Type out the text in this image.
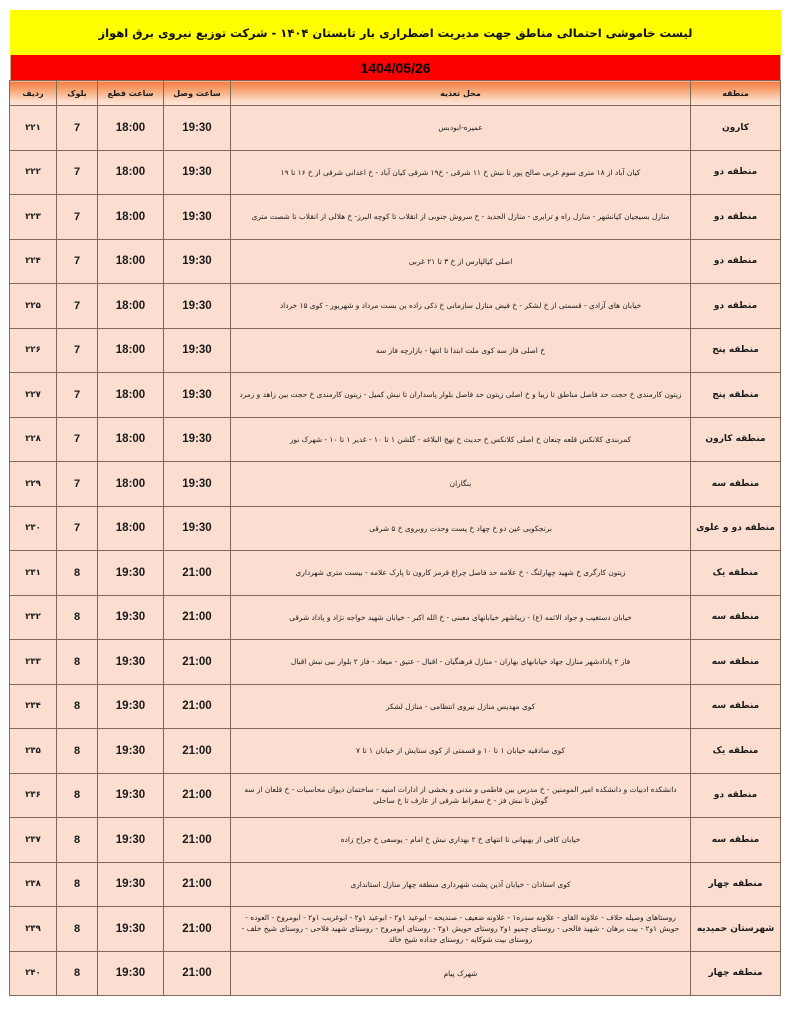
لیست خاموشی احتمالی مناطق جهت مدیریت اضطراری بار تابستان ۱۴۰۴ - شرکت توزیع نیروی برق اهواز
1404/05/26
منطقه	محل تغذیه	ساعت وصل	ساعت قطع	بلوک	ردیف
کارون	عمیره-ابودبس	19:30	18:00	7	۲۲۱
منطقه دو	کیان آباد از ۱۸ متری سوم غربی صالح پور تا نبش خ ۱۱ شرقی - خ۱۹ شرقی کیان آباد - خ اعدانی شرقی از خ ۱۶ تا ۱۹	19:30	18:00	7	۲۲۲
منطقه دو	منازل بسیجیان کیانشهر - منازل راه و ترابری - منازل الحدید - خ سروش جنوبی از انقلاب تا کوچه البرز- خ هلالی از انقلاب تا شصت متری	19:30	18:00	7	۲۲۳
منطقه دو	اصلی کیالپارس از خ ۳ تا ۲۱ غربی	19:30	18:00	7	۲۲۴
منطقه دو	خیابان های آزادی - قسمتی از خ لشکر - خ فیض منازل سازمانی خ ذکی زاده بن بست مرداد و شهریور - کوی ۱۵ خرداد	19:30	18:00	7	۲۲۵
منطقه پنج	خ اصلی فاز سه کوی ملت ابتدا تا انتها - بازارچه فاز سه	19:30	18:00	7	۲۲۶
منطقه پنج	زیتون کارمندی خ حجت حد فاصل مناطق تا زیبا و خ اصلی زیتون حد فاصل بلوار پاسداران تا نبش کمیل - زیتون کارمندی خ حجت بین زاهد و زمرد	19:30	18:00	7	۲۲۷
منطقه کارون	کمربندی کلانکس قلعه چنعان خ اصلی کلانکس خ حدیث خ نهج البلاغه - گلشن ۱ تا ۱۰ - غدیر ۱ تا ۱۰ - شهرک نور	19:30	18:00	7	۲۲۸
منطقه سه	بنگاران	19:30	18:00	7	۲۲۹
منطقه دو و علوی	برنجکوبی غین دو خ چهاد خ پست وحدت روبروی خ ۵ شرقی	19:30	18:00	7	۲۳۰
منطقه یک	زیتون کارگری خ شهید چهارلنگ - خ علامه حد فاصل چراغ قرمز کارون تا پارک علامه - بیست متری شهرداری	21:00	19:30	8	۲۳۱
منطقه سه	خیابان دستغیب و جواد الائمه (ع) - زیباشهر خیابانهای معبنی - خ الله اکبر - خیابان شهید خواجه نژاد و پاداد شرقی	21:00	19:30	8	۲۳۲
منطقه سه	فاز ۲ پادادشهر منازل جهاد خیابانهای بهاران - منازل فرهنگیان - اقبال - عتیق - میعاد - فاز ۲ بلوار نبی نبش اقبال	21:00	19:30	8	۲۳۳
منطقه سه	کوی مهدیس منازل نیروی انتظامی - منازل لشکر	21:00	19:30	8	۲۳۴
منطقه یک	کوی صادقیه خیابان ۱ تا ۱۰ و قسمتی از کوی ستایش از خیابان ۱ تا ۷	21:00	19:30	8	۲۳۵
منطقه دو	دانشکده ادبیات و دانشکده امیر المومنین - خ مدرس بین فاطمی و مدنی و بخشی از ادارات امنیه - ساختمان دیوان محاسبات - خ قلعان از سه گوش تا نبش فز - خ سقراط شرقی از عارف تا خ ساحلی	21:00	19:30	8	۲۳۶
منطقه سه	خیابان کافی از بهبهانی تا انتهای خ ۲ بهداری نبش خ امام - یوسفی خ جراح زاده	21:00	19:30	8	۲۳۷
منطقه چهار	کوی استادان - خیابان آذین پشت شهرداری منطقه چهار منازل استانداری	21:00	19:30	8	۲۳۸
شهرستان حمیدیه	روستاهای وصیله حلاف - علاونه القای - علاونه سدره۱ - علاونه ضعیف - صندیحه - ابوعید ۱و۲ - ابوعید ۱و۲ - ابوغریب ۱و۲ - ابومروح - العوده - حویش ۱و۲ - بیت برهان - شهید فالحی - روستای چمیو ۱و۲ روستای حویش ۱و۲ - روستای ابومروح - روستای شهید فلاحی - روستای شیخ خلف - روستای بیت شوکایه - روستای جداده شیخ خالد	21:00	19:30	8	۲۳۹
منطقه چهار	شهرک پیام	21:00	19:30	8	۲۴۰
